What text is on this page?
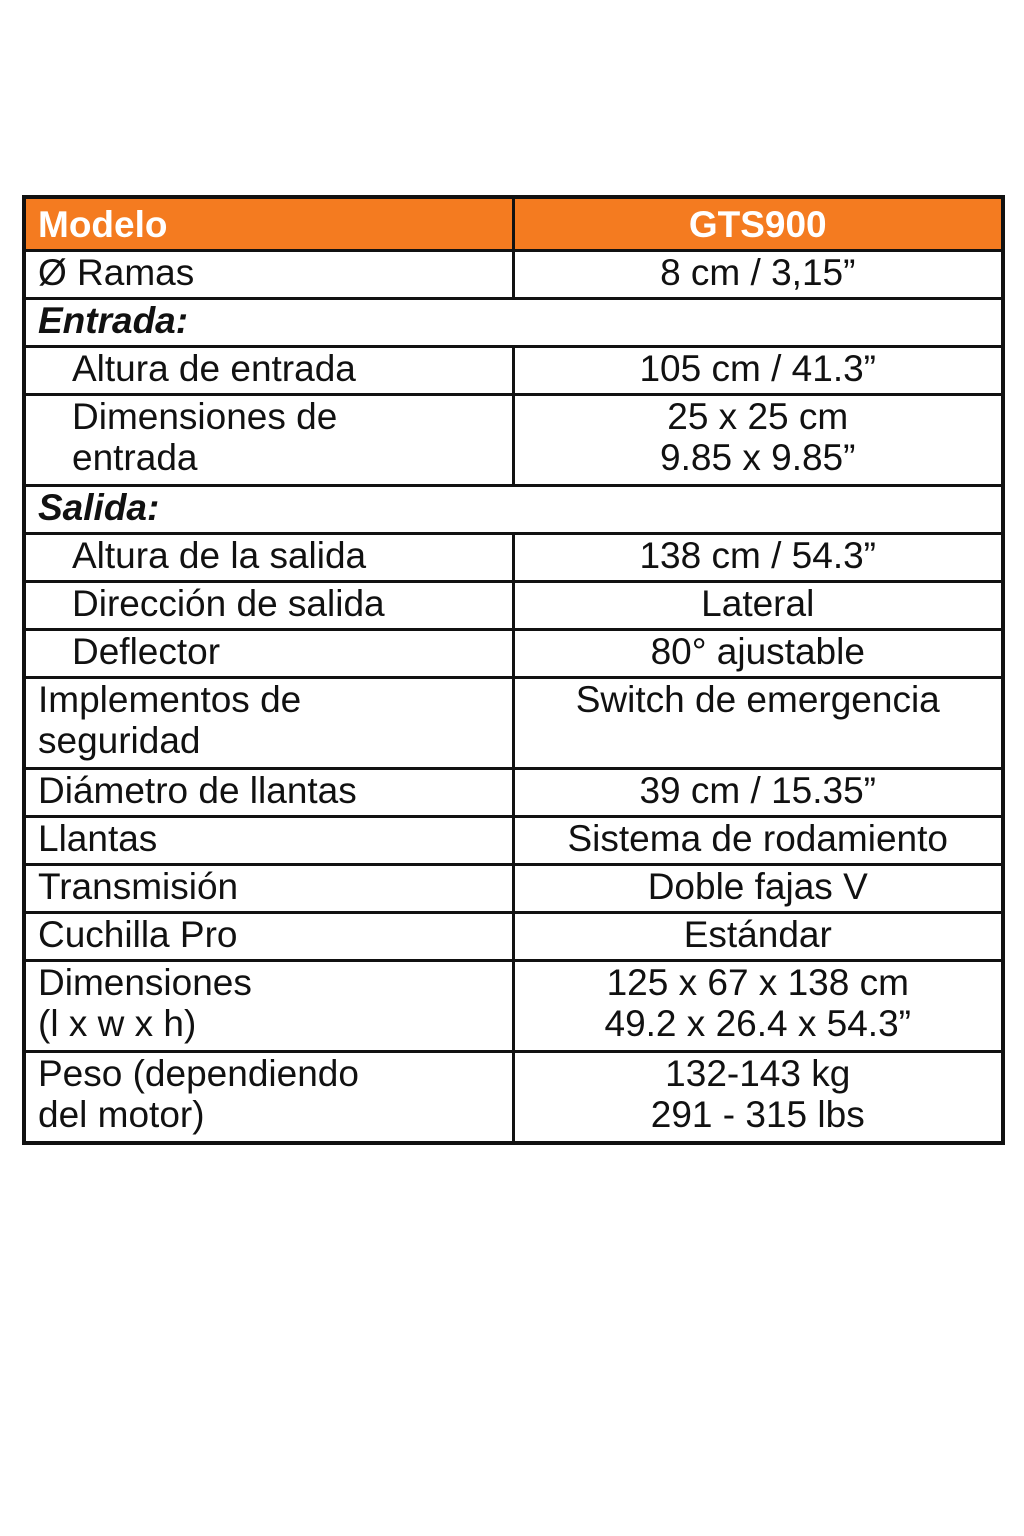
Modelo	GTS900
Ø Ramas	8 cm / 3,15”
Entrada:	
Altura de entrada	105 cm / 41.3”

Dimensiones de
entrada	25 x 25 cm
9.85 x 9.85”

Salida:	
Altura de la salida	138 cm / 54.3”
Dirección de salida	Lateral
Deflector	80° ajustable

Implementos de
seguridad	Switch de emergencia
Diámetro de llantas	39 cm / 15.35”
Llantas	Sistema de rodamiento
Transmisión	Doble fajas V
Cuchilla Pro	Estándar

Dimensiones
(l x w x h)	125 x 67 x 138 cm
49.2 x 26.4 x 54.3”

Peso (dependiendo
del motor)	132-143 kg
291 - 315 lbs
